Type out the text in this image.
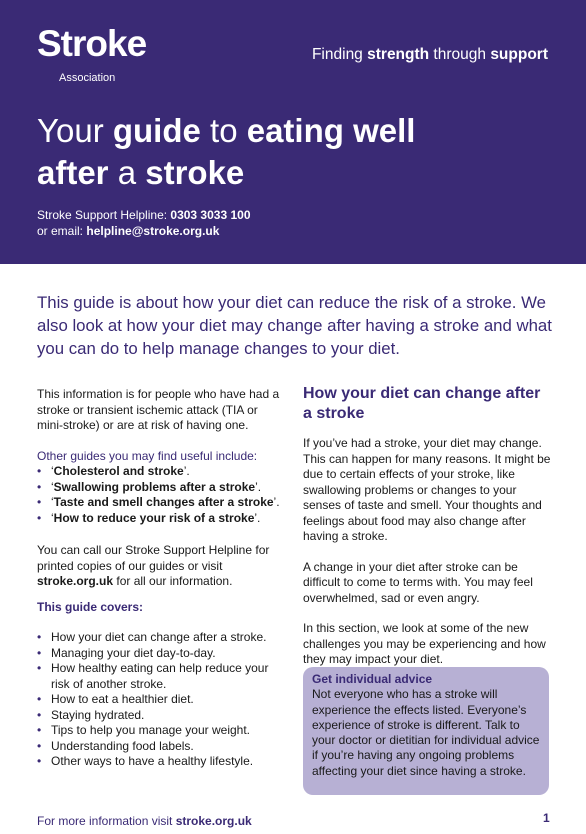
Stroke
Association
Finding strength through support
Your guide to eating well
after a stroke
Stroke Support Helpline: 0303 3033 100
or email: helpline@stroke.org.uk
This guide is about how your diet can reduce the risk of a stroke. We also look at how your diet may change after having a stroke and what you can do to help manage changes to your diet.

This information is for people who have had a stroke or transient ischemic attack (TIA or mini-stroke) or are at risk of having one.

Other guides you may find useful include:

• ‘Cholesterol and stroke’.
• ‘Swallowing problems after a stroke’.
• ‘Taste and smell changes after a stroke’.
• ‘How to reduce your risk of a stroke’.

You can call our Stroke Support Helpline for printed copies of our guides or visit stroke.org.uk for all our information.

This guide covers:

• How your diet can change after a stroke.
• Managing your diet day-to-day.
• How healthy eating can help reduce your risk of another stroke.
• How to eat a healthier diet.
• Staying hydrated.
• Tips to help you manage your weight.
• Understanding food labels.
• Other ways to have a healthy lifestyle.
How your diet can change after a stroke

If you’ve had a stroke, your diet may change. This can happen for many reasons. It might be due to certain effects of your stroke, like swallowing problems or changes to your senses of taste and smell. Your thoughts and feelings about food may also change after having a stroke.

A change in your diet after stroke can be difficult to come to terms with. You may feel overwhelmed, sad or even angry.

In this section, we look at some of the new challenges you may be experiencing and how they may impact your diet.

Get individual advice
Not everyone who has a stroke will experience the effects listed. Everyone’s experience of stroke is different. Talk to your doctor or dietitian for individual advice if you’re having any ongoing problems affecting your diet since having a stroke.
For more information visit stroke.org.uk	1
